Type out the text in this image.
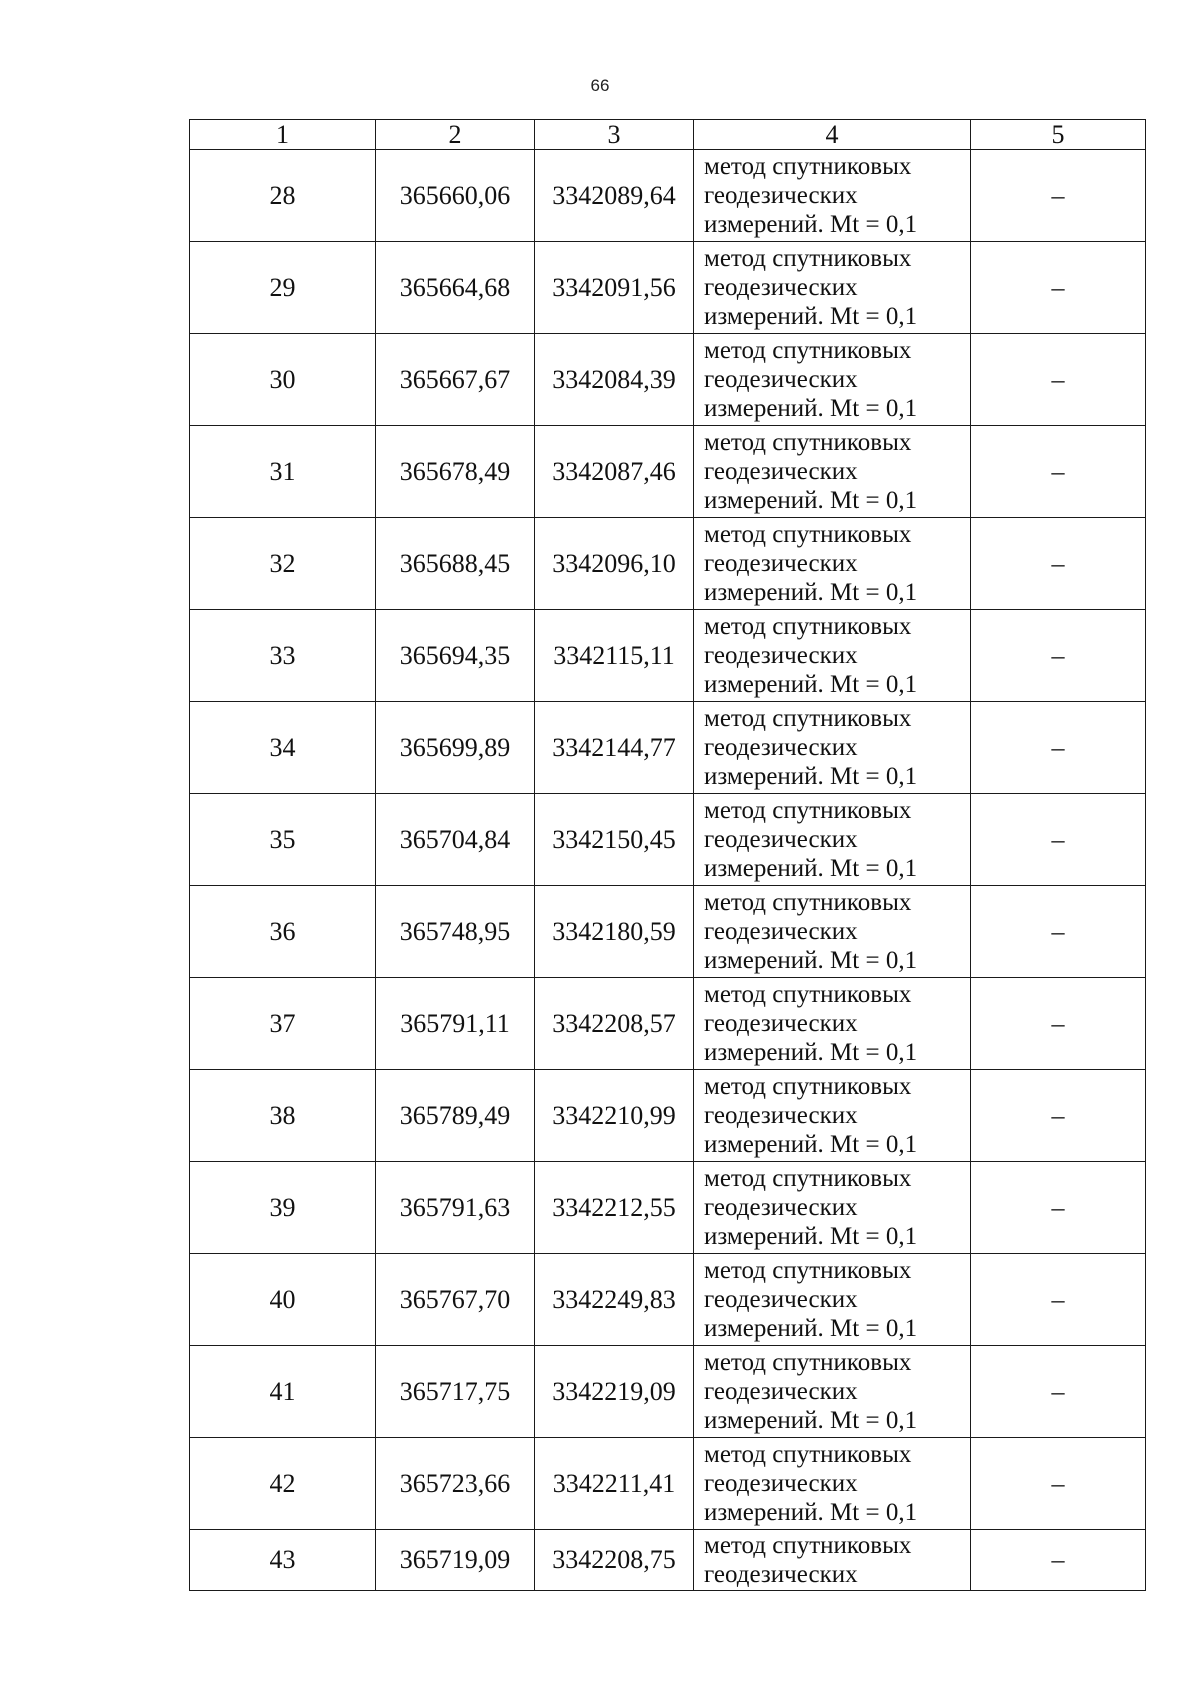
66
1	2	3	4	5
28	365660,06	3342089,64	метод спутниковых
геодезических
измерений. Mt = 0,1	–
29	365664,68	3342091,56	метод спутниковых
геодезических
измерений. Mt = 0,1	–
30	365667,67	3342084,39	метод спутниковых
геодезических
измерений. Mt = 0,1	–
31	365678,49	3342087,46	метод спутниковых
геодезических
измерений. Mt = 0,1	–
32	365688,45	3342096,10	метод спутниковых
геодезических
измерений. Mt = 0,1	–
33	365694,35	3342115,11	метод спутниковых
геодезических
измерений. Mt = 0,1	–
34	365699,89	3342144,77	метод спутниковых
геодезических
измерений. Mt = 0,1	–
35	365704,84	3342150,45	метод спутниковых
геодезических
измерений. Mt = 0,1	–
36	365748,95	3342180,59	метод спутниковых
геодезических
измерений. Mt = 0,1	–
37	365791,11	3342208,57	метод спутниковых
геодезических
измерений. Mt = 0,1	–
38	365789,49	3342210,99	метод спутниковых
геодезических
измерений. Mt = 0,1	–
39	365791,63	3342212,55	метод спутниковых
геодезических
измерений. Mt = 0,1	–
40	365767,70	3342249,83	метод спутниковых
геодезических
измерений. Mt = 0,1	–
41	365717,75	3342219,09	метод спутниковых
геодезических
измерений. Mt = 0,1	–
42	365723,66	3342211,41	метод спутниковых
геодезических
измерений. Mt = 0,1	–
43	365719,09	3342208,75	метод спутниковых
геодезических	–
